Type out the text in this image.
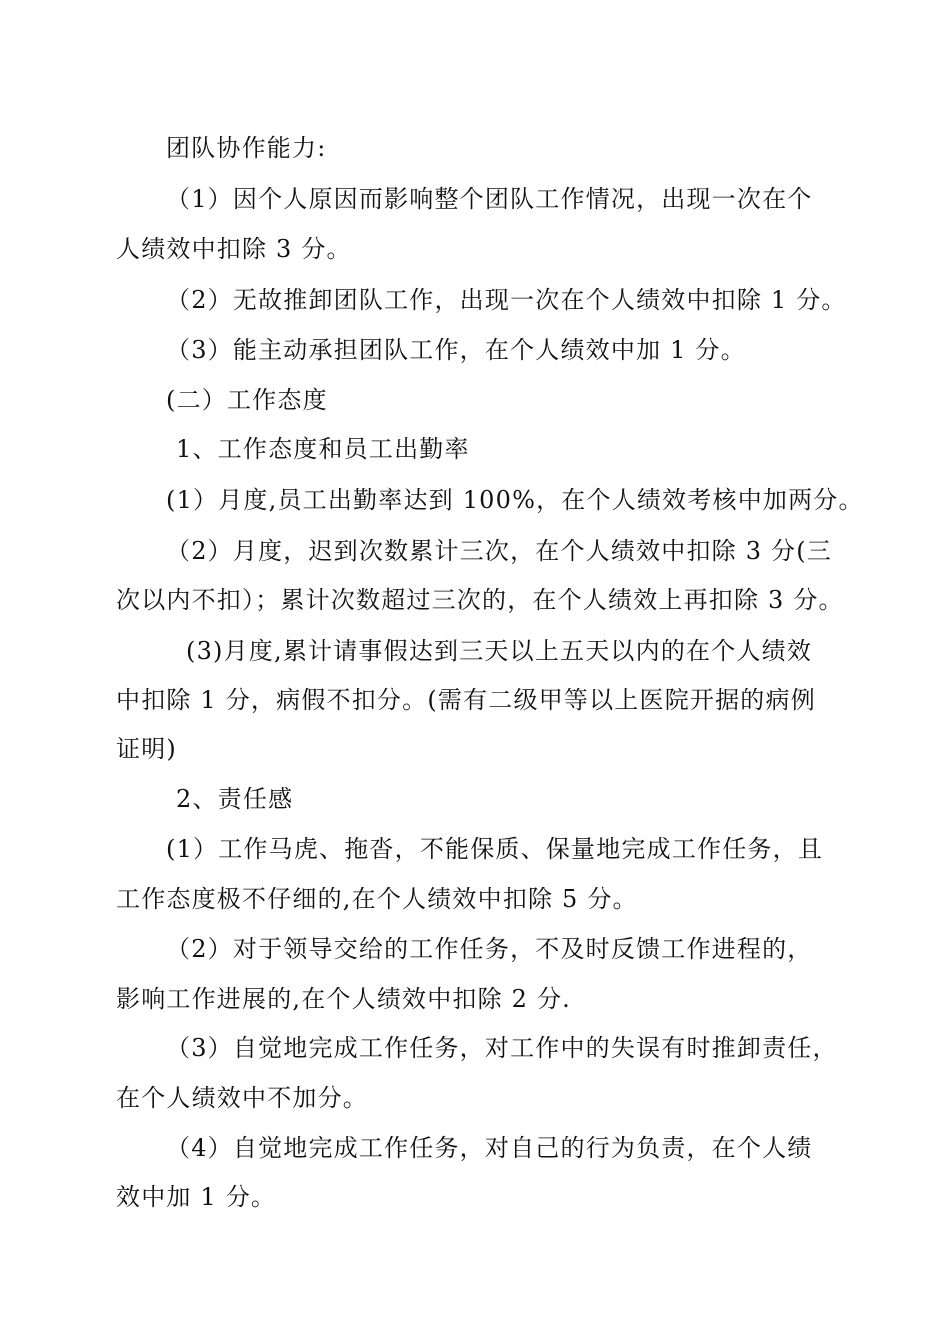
团队协作能力:
（1）因个人原因而影响整个团队工作情况，出现一次在个
人绩效中扣除 3 分。
（2）无故推卸团队工作，出现一次在个人绩效中扣除 1 分。
（3）能主动承担团队工作，在个人绩效中加 1 分。
(二）工作态度
1、工作态度和员工出勤率
(1）月度,员工出勤率达到 100%，在个人绩效考核中加两分。
（2）月度，迟到次数累计三次，在个人绩效中扣除 3 分(三
次以内不扣）；累计次数超过三次的，在个人绩效上再扣除 3 分。
(3)月度,累计请事假达到三天以上五天以内的在个人绩效
中扣除 1 分，病假不扣分。(需有二级甲等以上医院开据的病例
证明)
2、责任感
(1）工作马虎、拖沓，不能保质、保量地完成工作任务，且
工作态度极不仔细的,在个人绩效中扣除 5 分。
（2）对于领导交给的工作任务，不及时反馈工作进程的，
影响工作进展的,在个人绩效中扣除 2 分.
（3）自觉地完成工作任务，对工作中的失误有时推卸责任，
在个人绩效中不加分。
（4）自觉地完成工作任务，对自己的行为负责，在个人绩
效中加 1 分。
